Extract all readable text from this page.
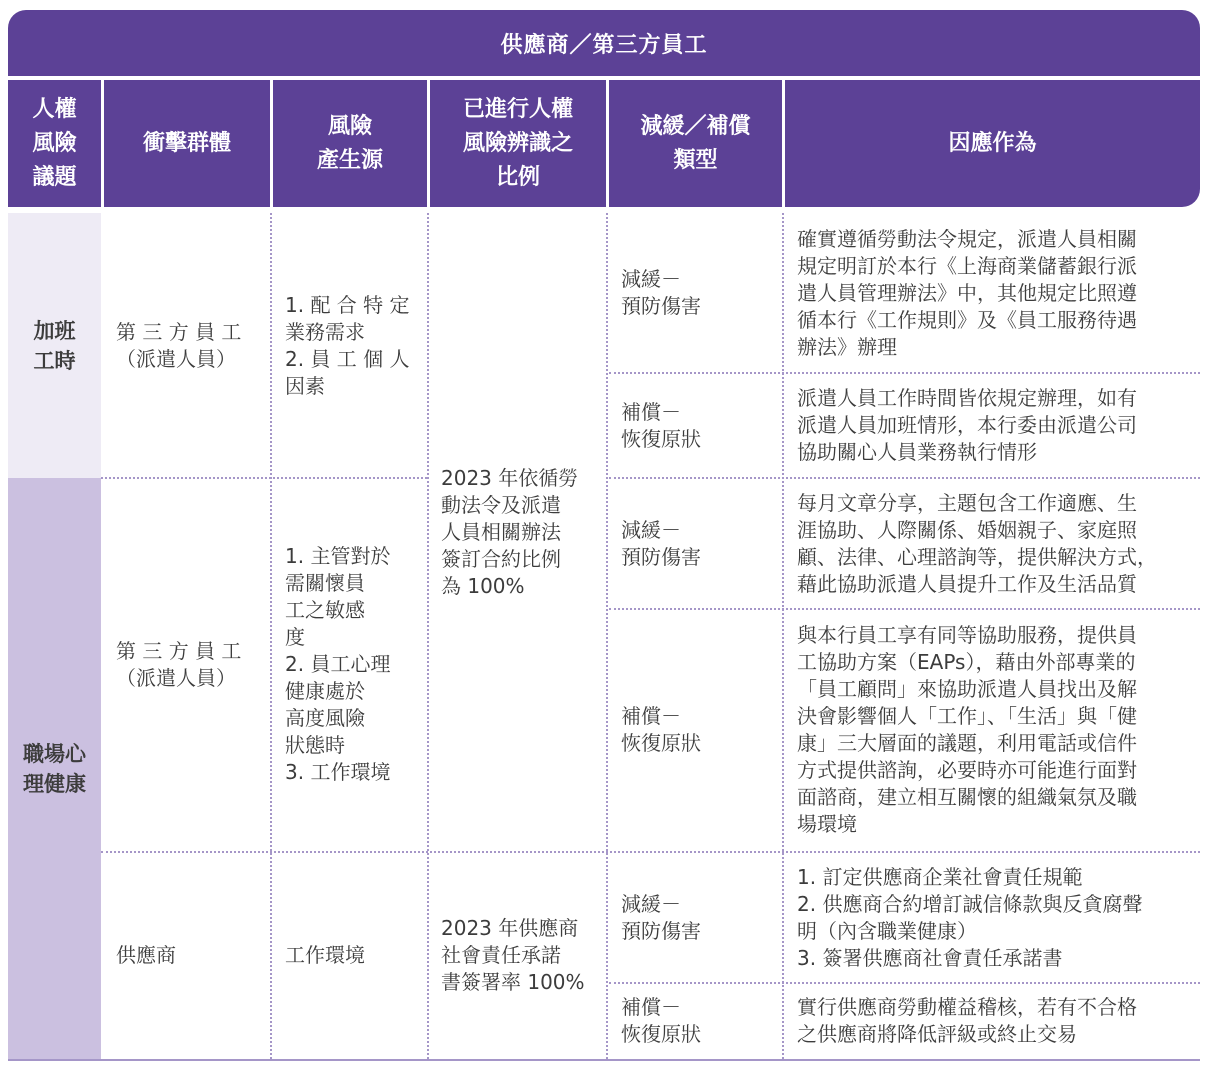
供應商／第三方員工
人權
風險
議題
衝擊群體
風險
產生源
已進行人權
風險辨識之
比例
減緩／補償
類型
因應作為
加班
工時
職場心
理健康
第 三 方 員 工
（派遣人員）
1. 配 合 特 定
業務需求
2. 員 工 個 人
因素
減緩－
預防傷害
確實遵循勞動法令規定，派遣人員相關
規定明訂於本行《上海商業儲蓄銀行派
遣人員管理辦法》中，其他規定比照遵
循本行《工作規則》及《員工服務待遇
辦法》辦理
補償－
恢復原狀
派遣人員工作時間皆依規定辦理，如有
派遣人員加班情形，本行委由派遣公司
協助關心人員業務執行情形
2023 年依循勞
動法令及派遣
人員相關辦法
簽訂合約比例
為 100%
第 三 方 員 工
（派遣人員）
1. 主管對於
需關懷員
工之敏感
度
2. 員工心理
健康處於
高度風險
狀態時
3. 工作環境
減緩－
預防傷害
每月文章分享，主題包含工作適應、生
涯協助、人際關係、婚姻親子、家庭照
顧、法律、心理諮詢等，提供解決方式，
藉此協助派遣人員提升工作及生活品質
補償－
恢復原狀
與本行員工享有同等協助服務，提供員
工協助方案（EAPs），藉由外部專業的
「員工顧問」來協助派遣人員找出及解
決會影響個人「工作」、「生活」與「健
康」三大層面的議題，利用電話或信件
方式提供諮詢，必要時亦可能進行面對
面諮商，建立相互關懷的組織氣氛及職
場環境
供應商	工作環境
2023 年供應商
社會責任承諾
書簽署率 100%
減緩－
預防傷害
1. 訂定供應商企業社會責任規範
2. 供應商合約增訂誠信條款與反貪腐聲
明（內含職業健康）
3. 簽署供應商社會責任承諾書
補償－
恢復原狀
實行供應商勞動權益稽核，若有不合格
之供應商將降低評級或終止交易
